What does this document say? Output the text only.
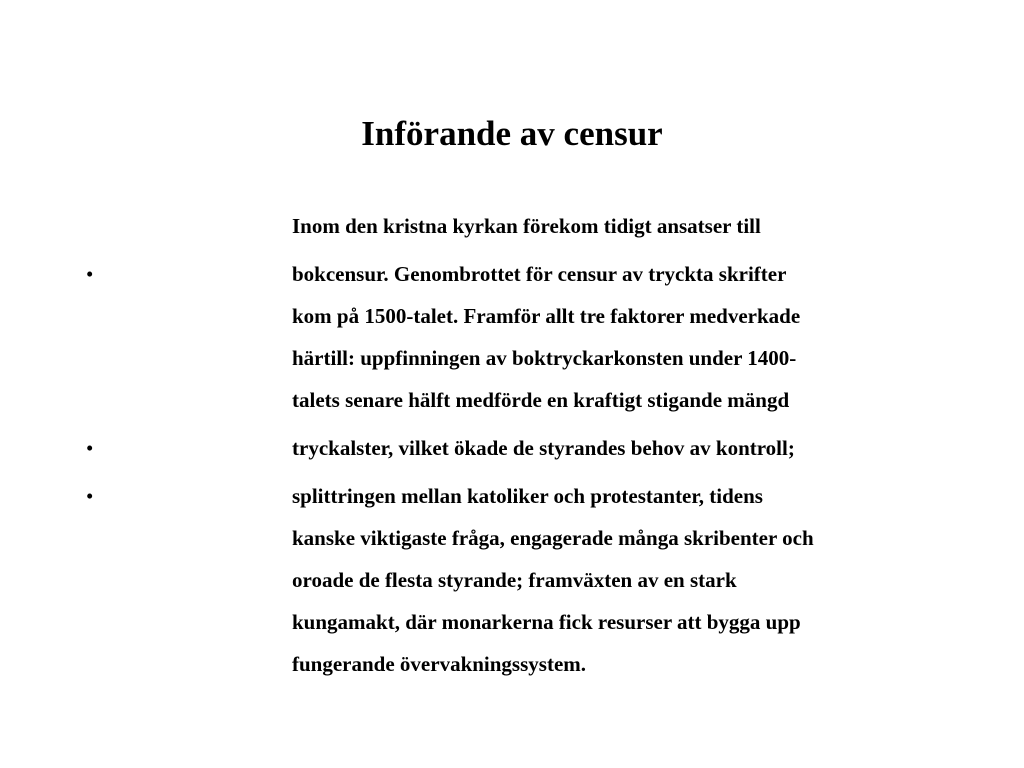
Införande av censur
Inom den kristna kyrkan förekom tidigt ansatser till
•	bokcensur. Genombrottet för censur av tryckta skrifter
kom på 1500-talet. Framför allt tre faktorer medverkade
härtill: uppfinningen av boktryckarkonsten under 1400-
talets senare hälft medförde en kraftigt stigande mängd
•	tryckalster, vilket ökade de styrandes behov av kontroll;
•	splittringen mellan katoliker och protestanter, tidens
kanske viktigaste fråga, engagerade många skribenter och
oroade de flesta styrande; framväxten av en stark
kungamakt, där monarkerna fick resurser att bygga upp
fungerande övervakningssystem.
